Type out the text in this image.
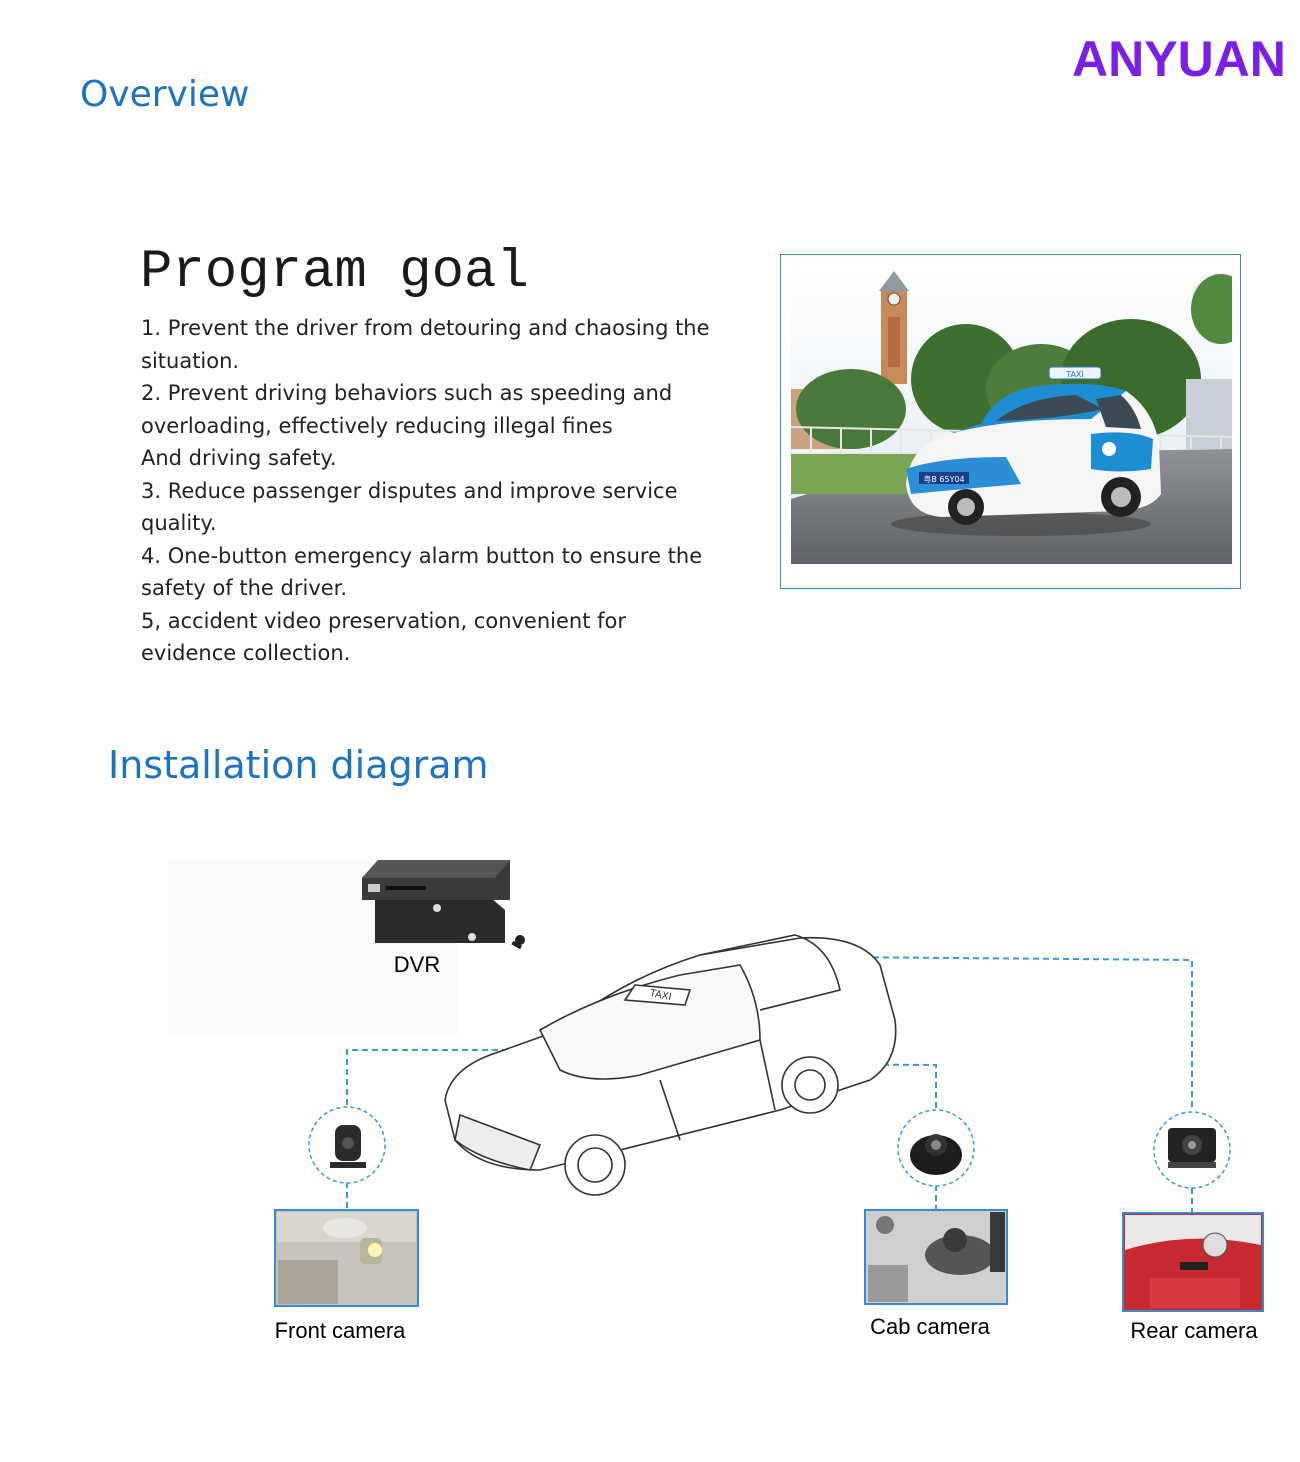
ANYUAN
Overview
Program goal
1. Prevent the driver from detouring and chaosing the
situation.
2. Prevent driving behaviors such as speeding and
overloading, effectively reducing illegal fines
And driving safety.
3. Reduce passenger disputes and improve service
quality.
4. One-button emergency alarm button to ensure the
safety of the driver.
5, accident video preservation, convenient for
evidence collection.
粤B 65Y04
TAXI
Installation diagram
DVR
TAXI
Front camera	Cab camera	Rear camera
